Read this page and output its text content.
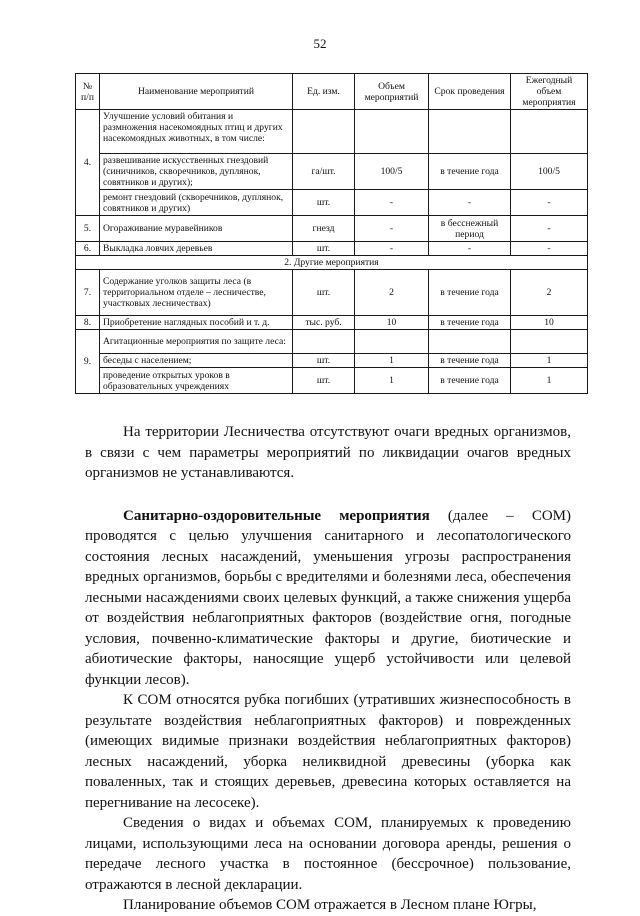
52
№ п/п	Наименование мероприятий	Ед. изм.	Объем мероприятий	Срок проведения	Ежегодный объем мероприятия
4.	Улучшение условий обитания и размножения насекомоядных птиц и других насекомоядных животных, в том числе:				
	развешивание искусственных гнездовий (синичников, скворечников, дуплянок, совятников и других);	га/шт.	100/5	в течение года	100/5
	ремонт гнездовий (скворечников, дуплянок, совятников и других)	шт.	-	-	-
5.	Огораживание муравейников	гнезд	-	в бесснежный период	-
6.	Выкладка ловчих деревьев	шт.	-	-	-
2. Другие мероприятия					
7.	Содержание уголков защиты леса (в территориальном отделе – лесничестве, участковых лесничествах)	шт.	2	в течение года	2
8.	Приобретение наглядных пособий и т. д.	тыс. руб.	10	в течение года	10
9.	Агитационные мероприятия по защите леса:				
	беседы с населением;	шт.	1	в течение года	1
	проведение открытых уроков в образовательных учреждениях	шт.	1	в течение года	1

На территории Лесничества отсутствуют очаги вредных организмов, в связи с чем параметры мероприятий по ликвидации очагов вредных организмов не устанавливаются.

Санитарно-оздоровительные мероприятия (далее – СОМ) проводятся с целью улучшения санитарного и лесопатологического состояния лесных насаждений, уменьшения угрозы распространения вредных организмов, борьбы с вредителями и болезнями леса, обеспечения лесными насаждениями своих целевых функций, а также снижения ущерба от воздействия неблагоприятных факторов (воздействие огня, погодные условия, почвенно-климатические факторы и другие, биотические и абиотические факторы, наносящие ущерб устойчивости или целевой функции лесов).

К СОМ относятся рубка погибших (утративших жизнеспособность в результате воздействия неблагоприятных факторов) и поврежденных (имеющих видимые признаки воздействия неблагоприятных факторов) лесных насаждений, уборка неликвидной древесины (уборка как поваленных, так и стоящих деревьев, древесина которых оставляется на перегнивание на лесосеке).

Сведения о видах и объемах СОМ, планируемых к проведению лицами, использующими леса на основании договора аренды, решения о передаче лесного участка в постоянное (бессрочное) пользование, отражаются в лесной декларации.

Планирование объемов СОМ отражается в Лесном плане Югры,
